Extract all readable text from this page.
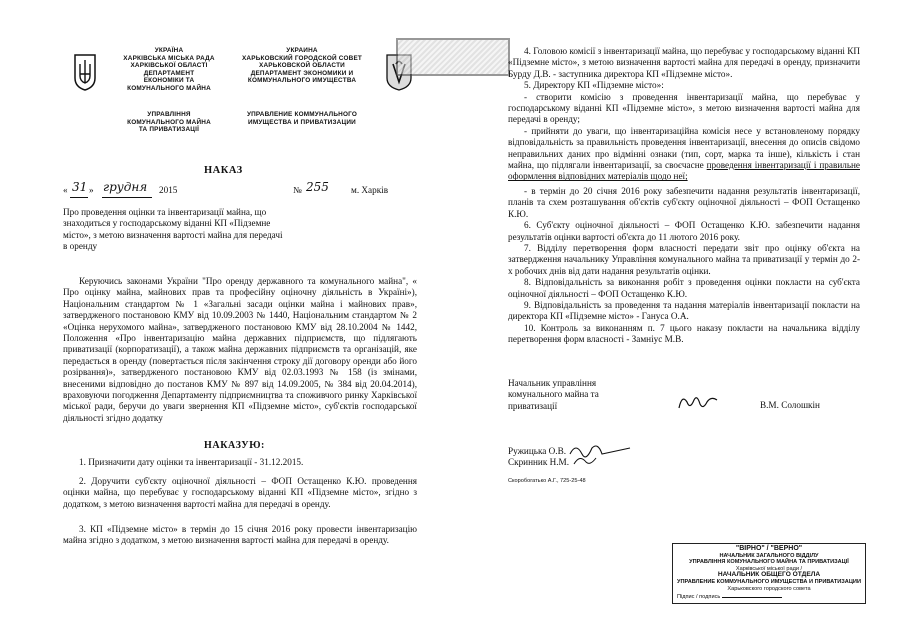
УКРАЇНА
ХАРКІВСЬКА МІСЬКА РАДА
ХАРКІВСЬКОЇ ОБЛАСТІ
ДЕПАРТАМЕНТ
ЕКОНОМІКИ ТА
КОМУНАЛЬНОГО МАЙНА
УПРАВЛІННЯ
КОМУНАЛЬНОГО МАЙНА
ТА ПРИВАТИЗАЦІЇ
УКРАИНА
ХАРЬКОВСКИЙ ГОРОДСКОЙ СОВЕТ
ХАРЬКОВСКОЙ ОБЛАСТИ
ДЕПАРТАМЕНТ ЭКОНОМИКИ И
КОММУНАЛЬНОГО ИМУЩЕСТВА
УПРАВЛЕНИЕ КОММУНАЛЬНОГО
ИМУЩЕСТВА И ПРИВАТИЗАЦИИ
НАКАЗ
« 31 » грудня 2015	№ 255 м. Харків
Про проведення оцінки та інвентаризації майна, що знаходиться у господарському віданні КП «Підземне місто», з метою визначення вартості майна для передачі в оренду
Керуючись законами України "Про оренду державного та комунального майна", « Про оцінку майна, майнових прав та професійну оціночну діяльність в Україні»), Національним стандартом № 1 «Загальні засади оцінки майна і майнових прав», затвердженого постановою КМУ від 10.09.2003 № 1440, Національним стандартом № 2 «Оцінка нерухомого майна», затвердженого постановою КМУ від 28.10.2004 № 1442, Положення «Про інвентаризацію майна державних підприємств, що підлягають приватизації (корпоратизації), а також майна державних підприємств та організацій, яке передається в оренду (повертається після закінчення строку дії договору оренди або його розірвання)», затвердженого постановою КМУ від 02.03.1993 № 158 (із змінами, внесеними відповідно до постанов КМУ № 897 від 14.09.2005, № 384 від 20.04.2014), враховуючи погодження Департаменту підприємництва та споживчого ринку Харківської міської ради, беручи до уваги звернення КП «Підземне місто», суб'єктів господарської діяльності згідно додатку
НАКАЗУЮ:
1. Призначити дату оцінки та інвентаризації - 31.12.2015.
2. Доручити суб'єкту оціночної діяльності – ФОП Остащенко К.Ю. проведення оцінки майна, що перебуває у господарському віданні КП «Підземне місто», згідно з додатком, з метою визначення вартості майна для передачі в оренду.
3. КП «Підземне місто» в термін до 15 січня 2016 року провести інвентаризацію майна згідно з додатком, з метою визначення вартості майна для передачі в оренду.

4. Головою комісії з інвентаризації майна, що перебуває у господарському віданні КП «Підземне місто», з метою визначення вартості майна для передачі в оренду, призначити Бурду Д.В. - заступника директора КП «Підземне місто».

5. Директору КП «Підземне місто»:

- створити комісію з проведення інвентаризації майна, що перебуває у господарському віданні КП «Підземне місто», з метою визначення вартості майна для передачі в оренду;

- прийняти до уваги, що інвентаризаційна комісія несе у встановленому порядку відповідальність за правильність проведення інвентаризації, внесення до описів свідомо неправильних даних про відмінні ознаки (тип, сорт, марка та інше), кількість і стан майна, що підлягали інвентаризації, за своєчасне проведення інвентаризації і правильне оформлення відповідних матеріалів щодо неї;

- в термін до 20 січня 2016 року забезпечити надання результатів інвентаризації, планів та схем розташування об'єктів суб'єкту оціночної діяльності – ФОП Остащенко К.Ю.

6. Суб'єкту оціночної діяльності – ФОП Остащенко К.Ю. забезпечити надання результатів оцінки вартості об'єкта до 11 лютого 2016 року.

7. Відділу перетворення форм власності передати звіт про оцінку об'єкта на затвердження начальнику Управління комунального майна та приватизації у термін до 2-х робочих днів від дати надання результатів оцінки.

8. Відповідальність за виконання робіт з проведення оцінки покласти на суб'єкта оціночної діяльності – ФОП Остащенко К.Ю.

9. Відповідальність за проведення та надання матеріалів інвентаризації покласти на директора КП «Підземне місто» - Гануса О.А.

10. Контроль за виконанням п. 7 цього наказу покласти на начальника відділу перетворення форм власності - Замніус М.В.

Начальник управління
комунального майна та
приватизації	В.М. Солошкін
Ружицька О.В.
Скринник Н.М.
Скоробогатько А.Г., 725-25-48
"ВІРНО" / "ВЕРНО"
НАЧАЛЬНИК ЗАГАЛЬНОГО ВІДДІЛУ
УПРАВЛІННЯ КОМУНАЛЬНОГО МАЙНА ТА ПРИВАТИЗАЦІЇ
Харківської міської ради /
НАЧАЛЬНИК ОБЩЕГО ОТДЕЛА
УПРАВЛЕНИЕ КОММУНАЛЬНОГО ИМУЩЕСТВА И ПРИВАТИЗАЦИИ
Харьковского городского совета
Підпис / подпись
